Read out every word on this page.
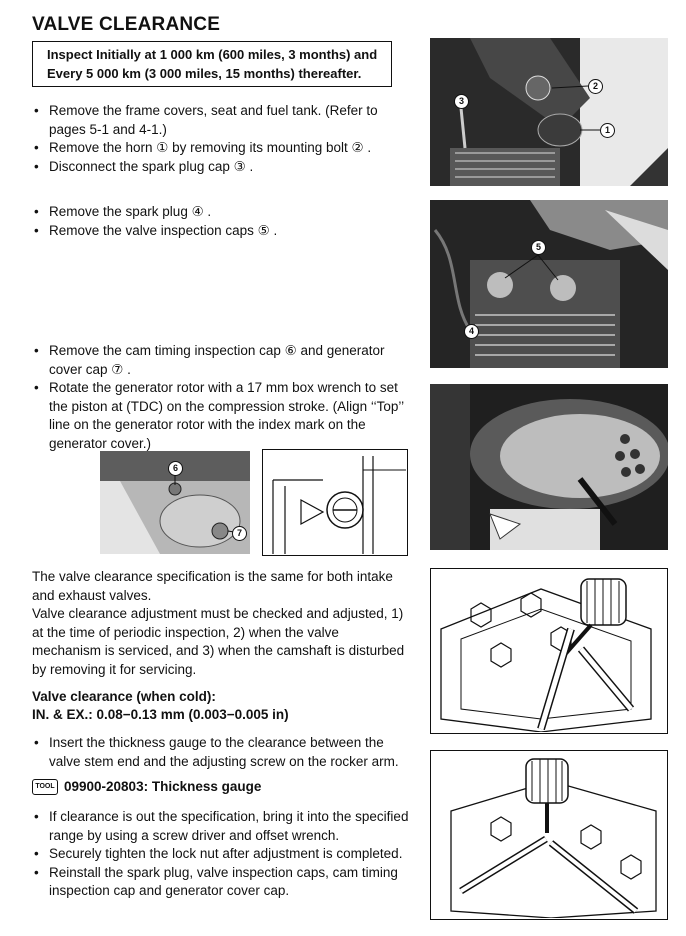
VALVE CLEARANCE
Inspect Initially at 1 000 km (600 miles, 3 months) and
Every 5 000 km (3 000 miles, 15 months) thereafter.
• Remove the frame covers, seat and fuel tank. (Refer to pages 5-1 and 4-1.)
• Remove the horn ① by removing its mounting bolt ② .
• Disconnect the spark plug cap ③ .
• Remove the spark plug ④ .
• Remove the valve inspection caps ⑤ .
• Remove the cam timing inspection cap ⑥ and generator cover cap ⑦ .
• Rotate the generator rotor with a 17 mm box wrench to set the piston at (TDC) on the compression stroke. (Align ‘‘Top’’ line on the generator rotor with the index mark on the generator cover.)
2
1
3
5
4
6
7

The valve clearance specification is the same for both intake and exhaust valves.

Valve clearance adjustment must be checked and adjusted, 1) at the time of periodic inspection, 2) when the valve mechanism is serviced, and 3) when the camshaft is disturbed by removing it for servicing.

Valve clearance (when cold):
IN. & EX.: 0.08−0.13 mm (0.003−0.005 in)
• Insert the thickness gauge to the clearance between the valve stem end and the adjusting screw on the rocker arm.
TOOL 09900-20803: Thickness gauge
• If clearance is out the specification, bring it into the specified range by using a screw driver and offset wrench.
• Securely tighten the lock nut after adjustment is completed.
• Reinstall the spark plug, valve inspection caps, cam timing inspection cap and generator cover cap.
